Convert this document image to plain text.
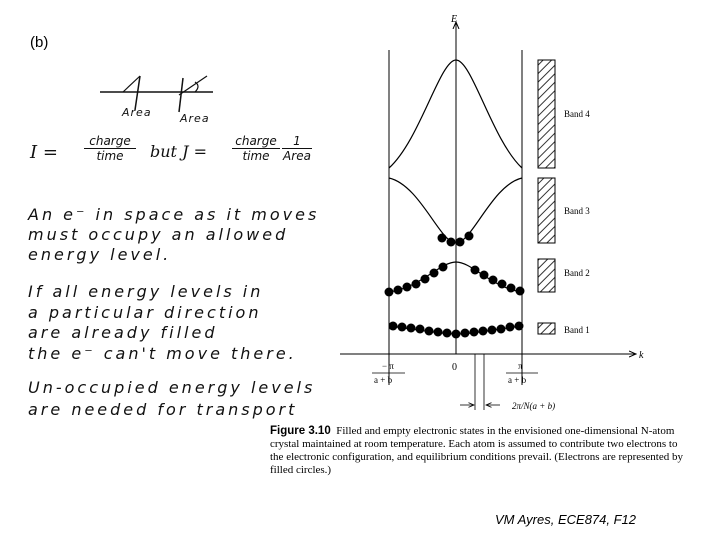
(b)
Area	Area
I =
charge
time	but J =
charge
time
1
Area
An e⁻ in space as it moves
must occupy an allowed
energy level.
If all energy levels in
a particular direction
are already filled
the e⁻ can't move there.
Un-occupied energy levels
are needed for transport
Band 4
Band 3
Band 2
Band 1
E
k
0
− π
a + b
π
a + b
2π/N(a + b)
Figure 3.10 Filled and empty electronic states in the envisioned one-dimensional N-atom
crystal maintained at room temperature. Each atom is assumed to contribute two electrons to
the electronic configuration, and equilibrium conditions prevail. (Electrons are represented by
filled circles.)
VM Ayres, ECE874, F12
